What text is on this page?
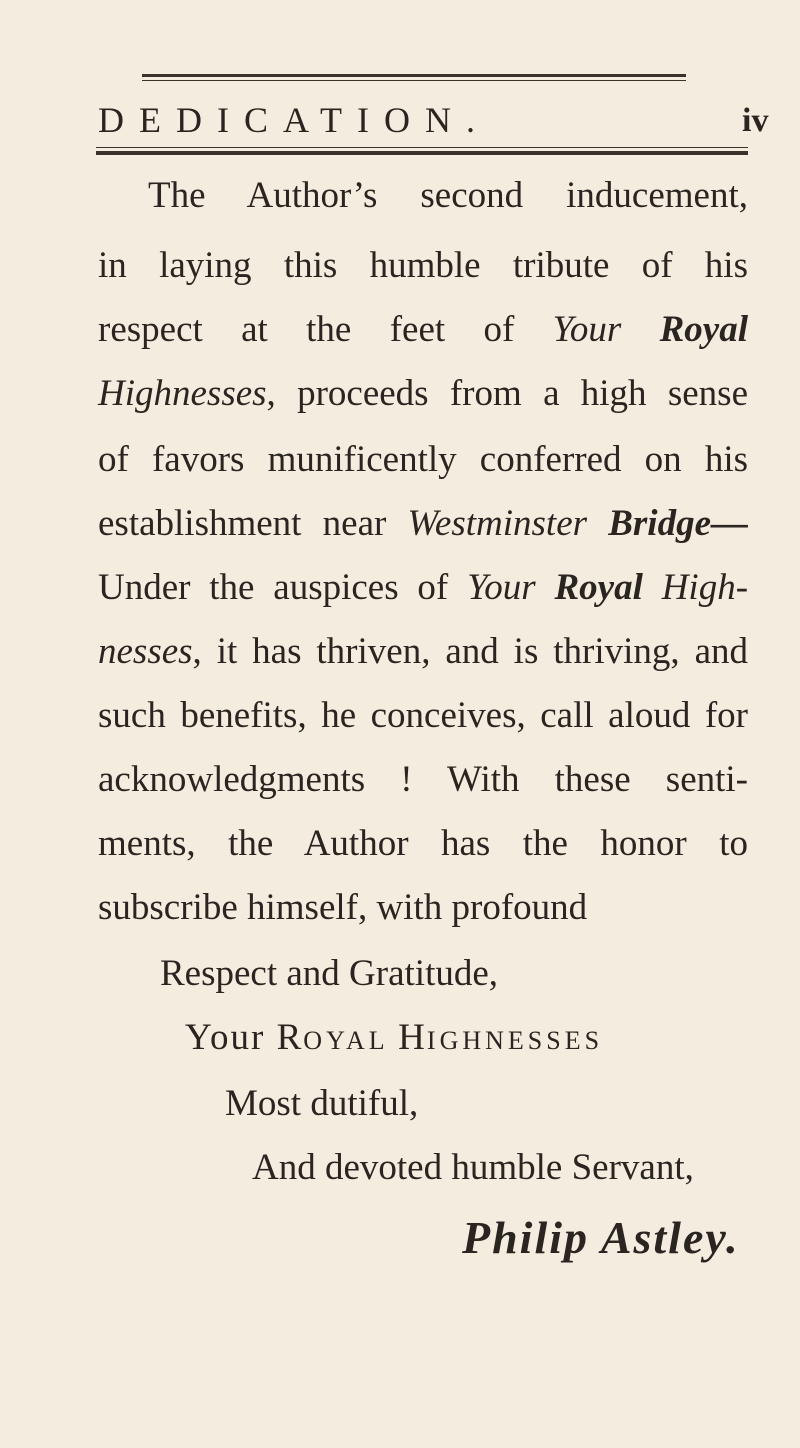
DEDICATION.	iv
The Author’s second inducement,
in laying this humble tribute of his
respect at the feet of Your Royal
Highnesses, proceeds from a high sense
of favors munificently conferred on his
establishment near Westminster Bridge—
Under the auspices of Your Royal High-
nesses, it has thriven, and is thriving, and
such benefits, he conceives, call aloud for
acknowledgments ! With these senti-
ments, the Author has the honor to
subscribe himself, with profound
Respect and Gratitude,
Your ROYAL HIGHNESSES
Most dutiful,
And devoted humble Servant,
Philip Astley.
